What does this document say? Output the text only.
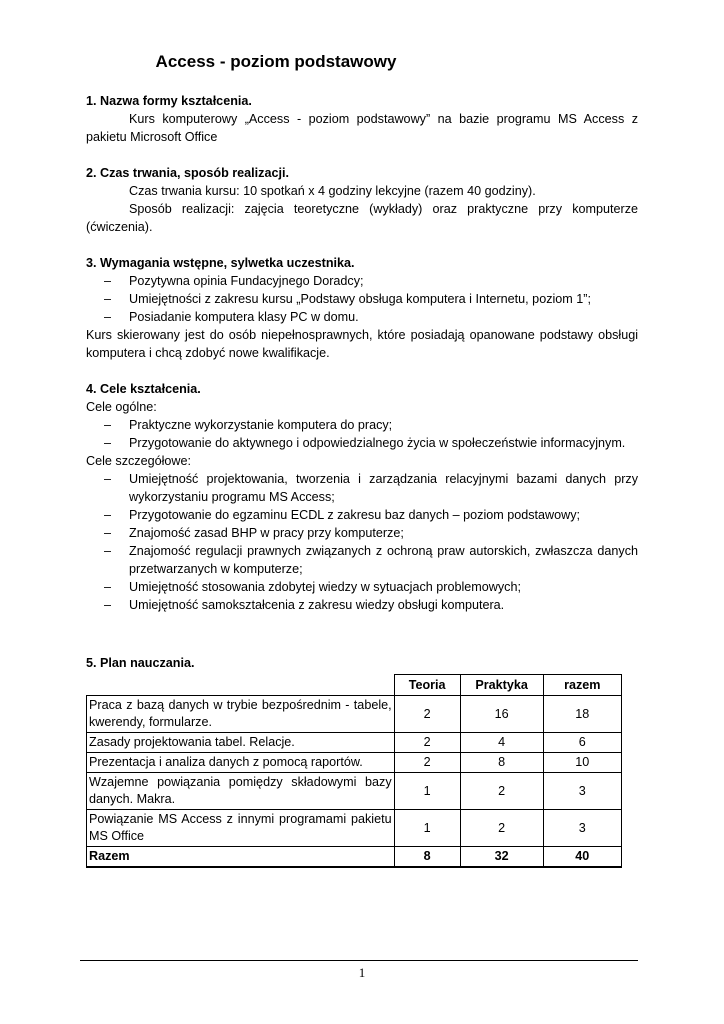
Access - poziom podstawowy
1. Nazwa formy kształcenia.
Kurs komputerowy „Access - poziom podstawowy” na bazie programu MS Access z pakietu Microsoft Office
2. Czas trwania, sposób realizacji.
Czas trwania kursu: 10 spotkań x 4 godziny lekcyjne (razem 40 godziny).
Sposób realizacji: zajęcia teoretyczne (wykłady) oraz praktyczne przy komputerze (ćwiczenia).
3. Wymagania wstępne, sylwetka uczestnika.
– Pozytywna opinia Fundacyjnego Doradcy;
– Umiejętności z zakresu kursu „Podstawy obsługa komputera i Internetu, poziom 1”;
– Posiadanie komputera klasy PC w domu.
Kurs skierowany jest do osób niepełnosprawnych, które posiadają opanowane podstawy obsługi komputera i chcą zdobyć nowe kwalifikacje.
4. Cele kształcenia.
Cele ogólne:
– Praktyczne wykorzystanie komputera do pracy;
– Przygotowanie do aktywnego i odpowiedzialnego życia w społeczeństwie informacyjnym.
Cele szczegółowe:
– Umiejętność projektowania, tworzenia i zarządzania relacyjnymi bazami danych przy wykorzystaniu programu MS Access;
– Przygotowanie do egzaminu ECDL z zakresu baz danych – poziom podstawowy;
– Znajomość zasad BHP w pracy przy komputerze;
– Znajomość regulacji prawnych związanych z ochroną praw autorskich, zwłaszcza danych przetwarzanych w komputerze;
– Umiejętność stosowania zdobytej wiedzy w sytuacjach problemowych;
– Umiejętność samokształcenia z zakresu wiedzy obsługi komputera.
5. Plan nauczania.
	Teoria	Praktyka	razem
Praca z bazą danych w trybie bezpośrednim - tabele, kwerendy, formularze.	2	16	18
Zasady projektowania tabel. Relacje.	2	4	6
Prezentacja i analiza danych z pomocą raportów.	2	8	10
Wzajemne powiązania pomiędzy składowymi bazy danych. Makra.	1	2	3
Powiązanie MS Access z innymi programami pakietu MS Office	1	2	3
Razem	8	32	40
1
